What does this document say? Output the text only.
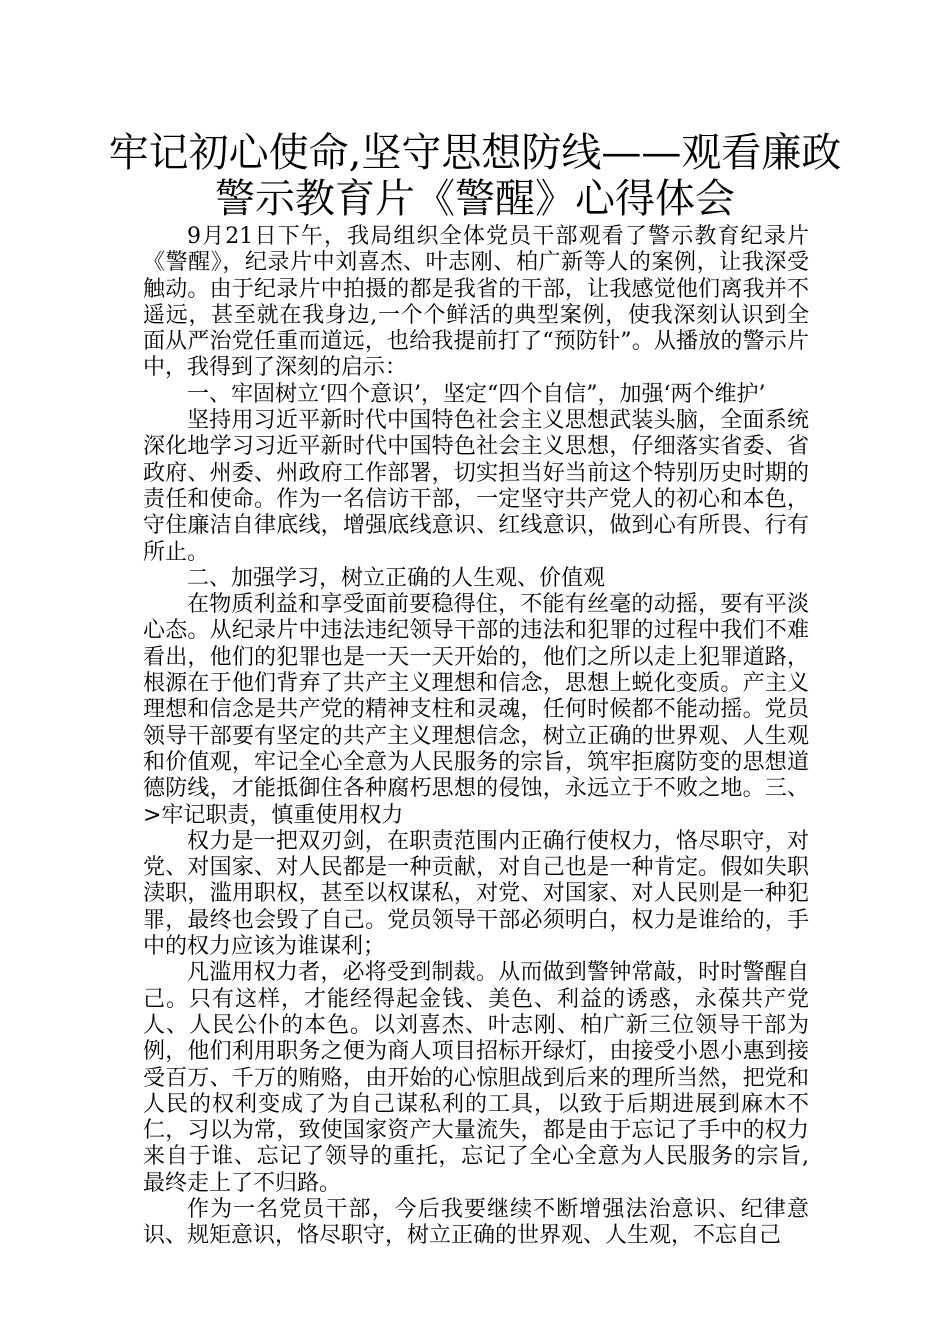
牢记初心使命,坚守思想防线——观看廉政
警示教育片《警醒》心得体会

9月21日下午，我局组织全体党员干部观看了警示教育纪录片《警醒》，纪录片中刘喜杰、叶志刚、柏广新等人的案例，让我深受触动。由于纪录片中拍摄的都是我省的干部，让我感觉他们离我并不遥远，甚至就在我身边,一个个鲜活的典型案例，使我深刻认识到全面从严治党任重而道远，也给我提前打了“预防针”。从播放的警示片中，我得到了深刻的启示：

一、牢固树立‘四个意识’，坚定“四个自信”，加强‘两个维护’

坚持用习近平新时代中国特色社会主义思想武装头脑，全面系统深化地学习习近平新时代中国特色社会主义思想，仔细落实省委、省政府、州委、州政府工作部署，切实担当好当前这个特别历史时期的责任和使命。作为一名信访干部，一定坚守共产党人的初心和本色，守住廉洁自律底线，增强底线意识、红线意识，做到心有所畏、行有所止。

二、加强学习，树立正确的人生观、价值观

在物质利益和享受面前要稳得住，不能有丝毫的动摇，要有平淡心态。从纪录片中违法违纪领导干部的违法和犯罪的过程中我们不难看出，他们的犯罪也是一天一天开始的，他们之所以走上犯罪道路，根源在于他们背弃了共产主义理想和信念，思想上蜕化变质。产主义理想和信念是共产党的精神支柱和灵魂，任何时候都不能动摇。党员领导干部要有坚定的共产主义理想信念，树立正确的世界观、人生观和价值观，牢记全心全意为人民服务的宗旨，筑牢拒腐防变的思想道德防线，才能抵御住各种腐朽思想的侵蚀，永远立于不败之地。三、>牢记职责，慎重使用权力

权力是一把双刃剑，在职责范围内正确行使权力，恪尽职守，对党、对国家、对人民都是一种贡献，对自己也是一种肯定。假如失职渎职，滥用职权，甚至以权谋私，对党、对国家、对人民则是一种犯罪，最终也会毁了自己。党员领导干部必须明白，权力是谁给的，手中的权力应该为谁谋利；

凡滥用权力者，必将受到制裁。从而做到警钟常敲，时时警醒自己。只有这样，才能经得起金钱、美色、利益的诱惑，永葆共产党人、人民公仆的本色。以刘喜杰、叶志刚、柏广新三位领导干部为例，他们利用职务之便为商人项目招标开绿灯，由接受小恩小惠到接受百万、千万的贿赂，由开始的心惊胆战到后来的理所当然，把党和人民的权利变成了为自己谋私利的工具，以致于后期进展到麻木不仁，习以为常，致使国家资产大量流失，都是由于忘记了手中的权力来自于谁、忘记了领导的重托，忘记了全心全意为人民服务的宗旨,最终走上了不归路。

作为一名党员干部，今后我要继续不断增强法治意识、纪律意识、规矩意识，恪尽职守，树立正确的世界观、人生观，不忘自己
